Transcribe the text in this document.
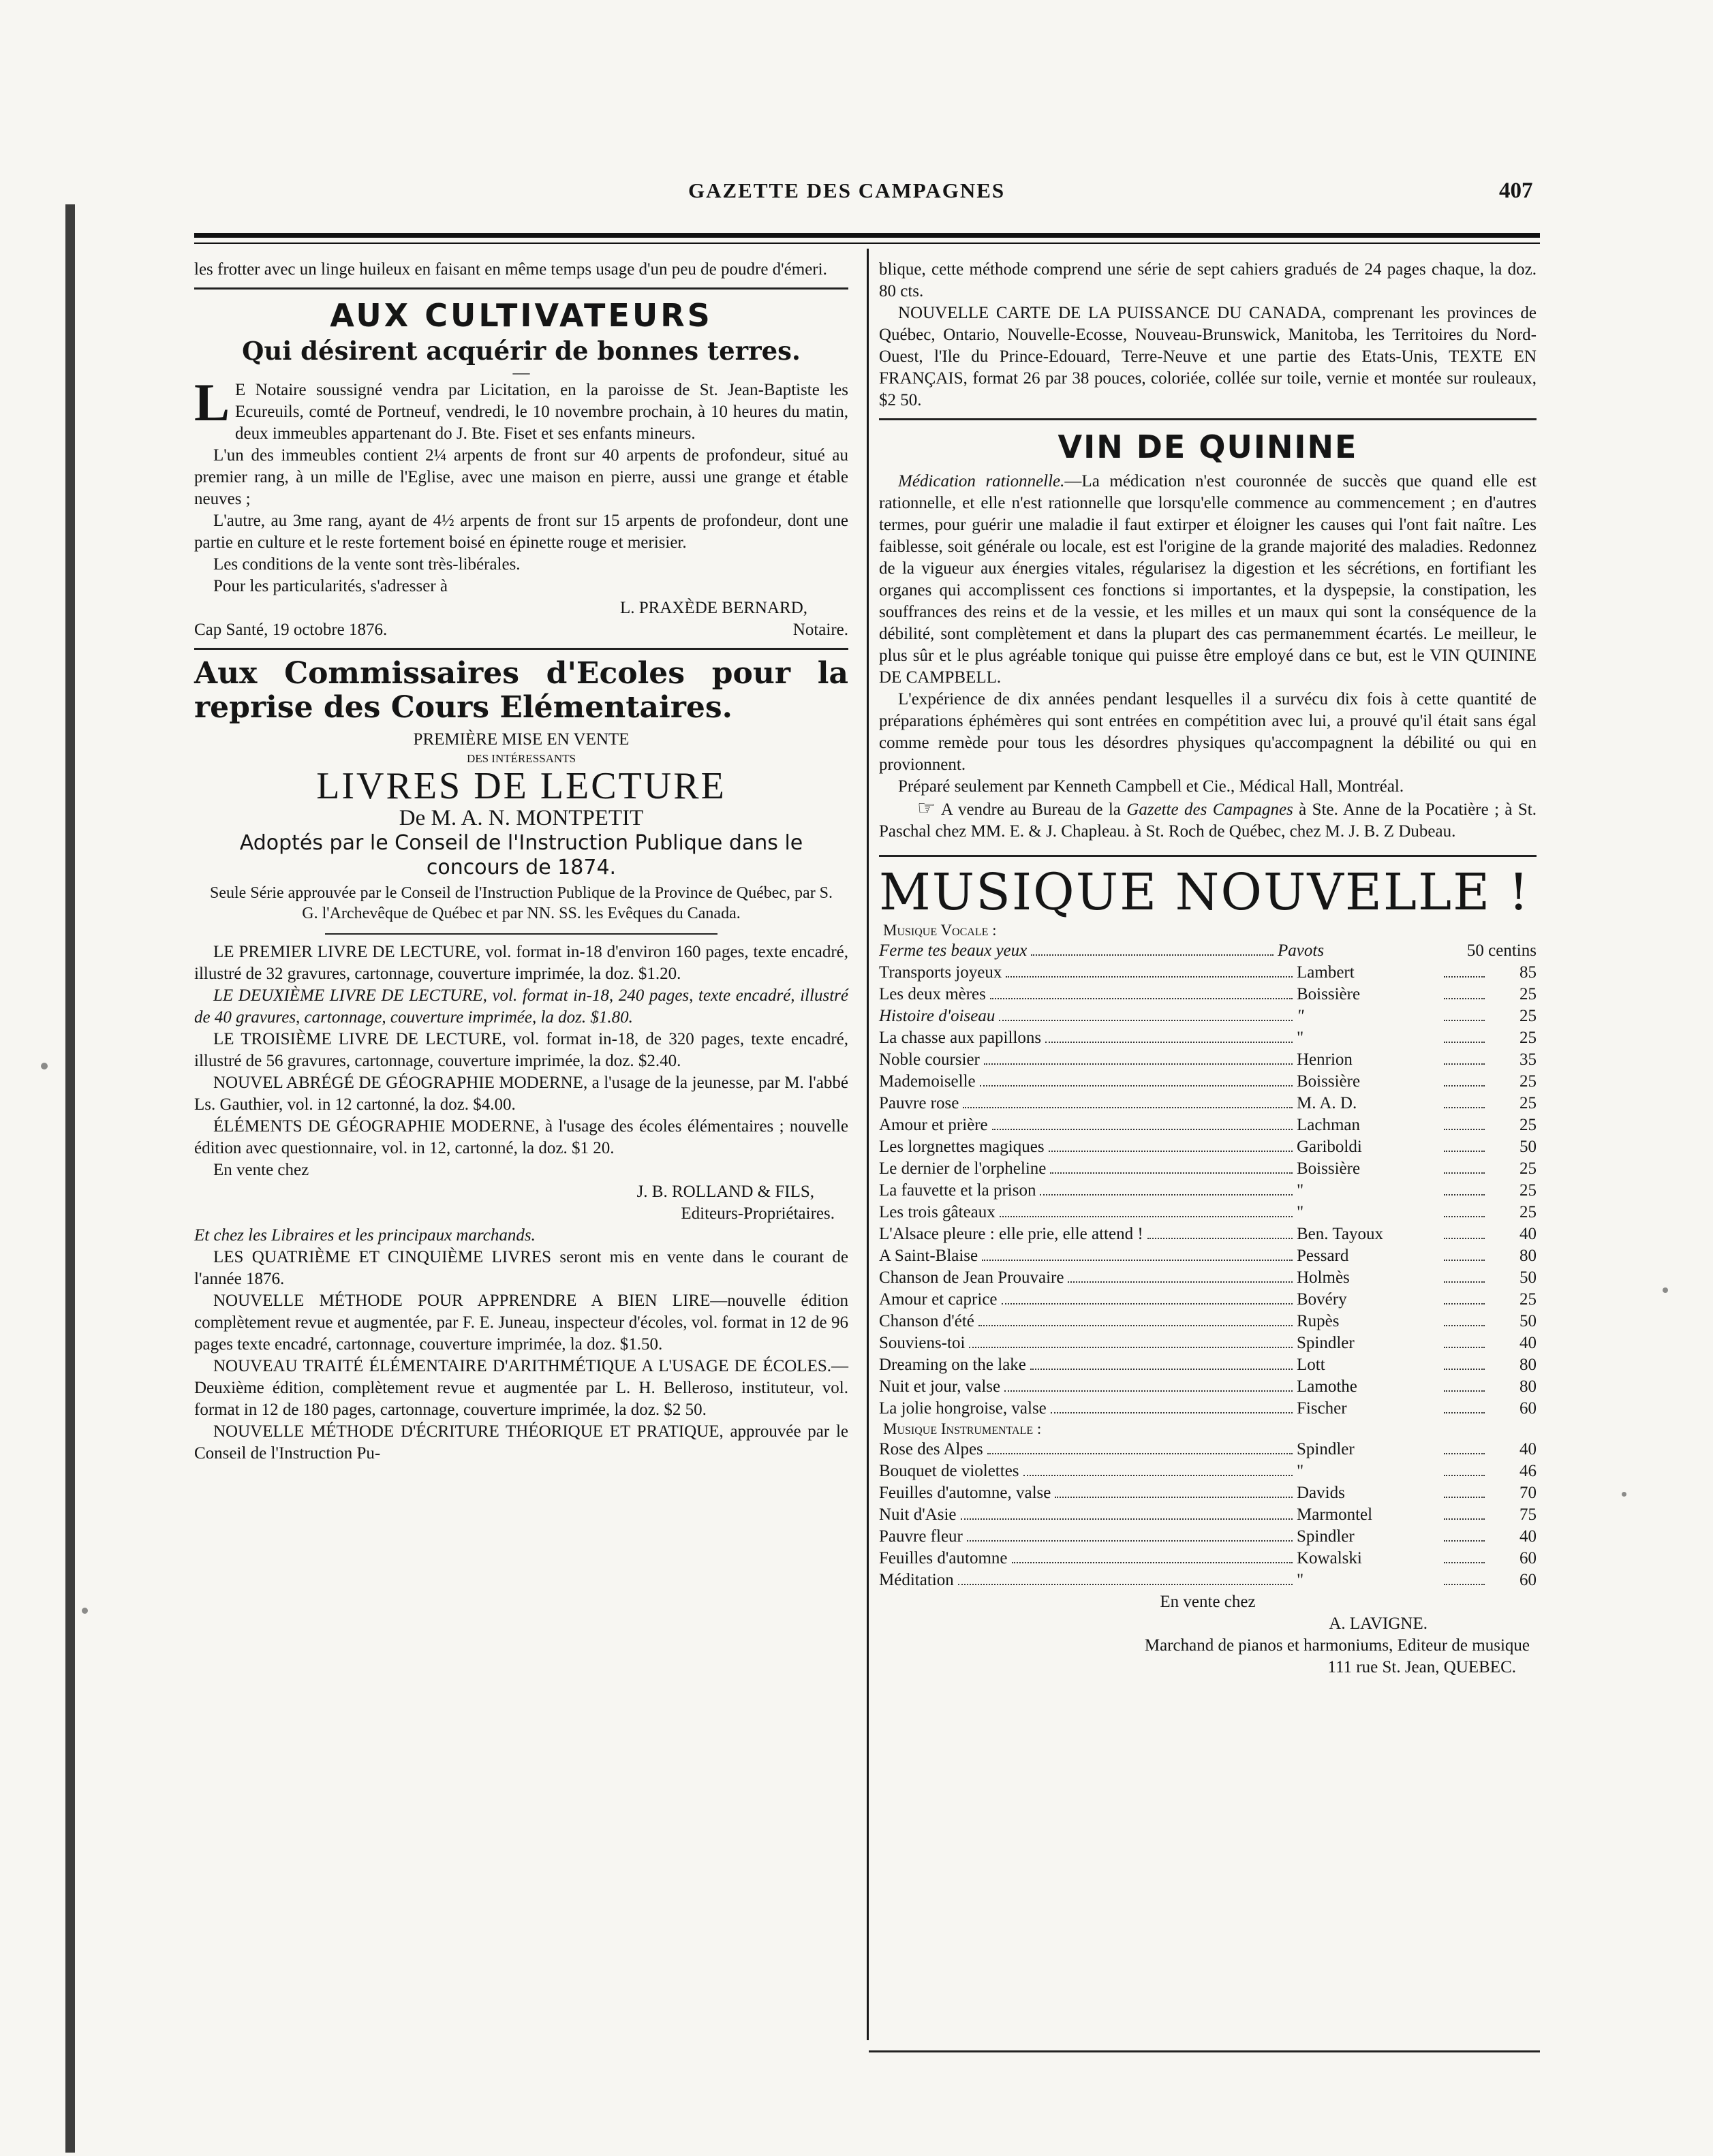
GAZETTE DES CAMPAGNES	407

les frotter avec un linge huileux en faisant en même temps usage d'un peu de poudre d'émeri.

AUX CULTIVATEURS
Qui désirent acquérir de bonnes terres.
—
L E Notaire soussigné vendra par Licitation, en la paroisse de St. Jean-Baptiste les Ecureuils, comté de Portneuf, vendredi, le 10 novembre prochain, à 10 heures du matin, deux immeubles appartenant do J. Bte. Fiset et ses enfants mineurs.

L'un des immeubles contient 2¼ arpents de front sur 40 arpents de profondeur, situé au premier rang, à un mille de l'Eglise, avec une maison en pierre, aussi une grange et étable neuves ;

L'autre, au 3me rang, ayant de 4½ arpents de front sur 15 arpents de profondeur, dont une partie en culture et le reste fortement boisé en épinette rouge et merisier.

Les conditions de la vente sont très-libérales.

Pour les particularités, s'adresser à

L. PRAXÈDE BERNARD,
Cap Santé, 19 octobre 1876.	Notaire.
Aux Commissaires d'Ecoles pour la reprise des Cours Elémentaires.
PREMIÈRE MISE EN VENTE
DES INTÉRESSANTS
LIVRES DE LECTURE
De M. A. N. MONTPETIT
Adoptés par le Conseil de l'Instruction Publique dans le concours de 1874.
Seule Série approuvée par le Conseil de l'Instruction Publique de la Province de Québec, par S. G. l'Archevêque de Québec et par NN. SS. les Evêques du Canada.

LE PREMIER LIVRE DE LECTURE, vol. format in-18 d'environ 160 pages, texte encadré, illustré de 32 gravures, cartonnage, couverture imprimée, la doz. $1.20.

LE DEUXIÈME LIVRE DE LECTURE, vol. format in-18, 240 pages, texte encadré, illustré de 40 gravures, cartonnage, couverture imprimée, la doz. $1.80.

LE TROISIÈME LIVRE DE LECTURE, vol. format in-18, de 320 pages, texte encadré, illustré de 56 gravures, cartonnage, couverture imprimée, la doz. $2.40.

NOUVEL ABRÉGÉ DE GÉOGRAPHIE MODERNE, a l'usage de la jeunesse, par M. l'abbé Ls. Gauthier, vol. in 12 cartonné, la doz. $4.00.

ÉLÉMENTS DE GÉOGRAPHIE MODERNE, à l'usage des écoles élémentaires ; nouvelle édition avec questionnaire, vol. in 12, cartonné, la doz. $1 20.

En vente chez

J. B. ROLLAND & FILS,
Editeurs-Propriétaires.

Et chez les Libraires et les principaux marchands.

LES QUATRIÈME ET CINQUIÈME LIVRES seront mis en vente dans le courant de l'année 1876.

NOUVELLE MÉTHODE POUR APPRENDRE A BIEN LIRE—nouvelle édition complètement revue et augmentée, par F. E. Juneau, inspecteur d'écoles, vol. format in 12 de 96 pages texte encadré, cartonnage, couverture imprimée, la doz. $1.50.

NOUVEAU TRAITÉ ÉLÉMENTAIRE D'ARITHMÉTIQUE A L'USAGE DE ÉCOLES.—Deuxième édition, complètement revue et augmentée par L. H. Belleroso, instituteur, vol. format in 12 de 180 pages, cartonnage, couverture imprimée, la doz. $2 50.

NOUVELLE MÉTHODE D'ÉCRITURE THÉORIQUE ET PRATIQUE, approuvée par le Conseil de l'Instruction Pu-

blique, cette méthode comprend une série de sept cahiers gradués de 24 pages chaque, la doz. 80 cts.

NOUVELLE CARTE DE LA PUISSANCE DU CANADA, comprenant les provinces de Québec, Ontario, Nouvelle-Ecosse, Nouveau-Brunswick, Manitoba, les Territoires du Nord-Ouest, l'Ile du Prince-Edouard, Terre-Neuve et une partie des Etats-Unis, TEXTE EN FRANÇAIS, format 26 par 38 pouces, coloriée, collée sur toile, vernie et montée sur rouleaux, $2 50.

VIN DE QUININE

Médication rationnelle.—La médication n'est couronnée de succès que quand elle est rationnelle, et elle n'est rationnelle que lorsqu'elle commence au commencement ; en d'autres termes, pour guérir une maladie il faut extirper et éloigner les causes qui l'ont fait naître. Les faiblesse, soit générale ou locale, est est l'origine de la grande majorité des maladies. Redonnez de la vigueur aux énergies vitales, régularisez la digestion et les sécrétions, en fortifiant les organes qui accomplissent ces fonctions si importantes, et la dyspepsie, la constipation, les souffrances des reins et de la vessie, et les milles et un maux qui sont la conséquence de la débilité, sont complètement et dans la plupart des cas permanemment écartés. Le meilleur, le plus sûr et le plus agréable tonique qui puisse être employé dans ce but, est le VIN QUININE DE CAMPBELL.

L'expérience de dix années pendant lesquelles il a survécu dix fois à cette quantité de préparations éphémères qui sont entrées en compétition avec lui, a prouvé qu'il était sans égal comme remède pour tous les désordres physiques qu'accompagnent la débilité ou qui en provionnent.

Préparé seulement par Kenneth Campbell et Cie., Médical Hall, Montréal.

☞ A vendre au Bureau de la Gazette des Campagnes à Ste. Anne de la Pocatière ; à St. Paschal chez MM. E. & J. Chapleau. à St. Roch de Québec, chez M. J. B. Z Dubeau.

MUSIQUE NOUVELLE !
Musique Vocale :
Ferme tes beaux yeux	Pavots	50 centins
Transports joyeux	Lambert	85
Les deux mères	Boissière	25
Histoire d'oiseau	"	25
La chasse aux papillons	"	25
Noble coursier	Henrion	35
Mademoiselle	Boissière	25
Pauvre rose	M. A. D.	25
Amour et prière	Lachman	25
Les lorgnettes magiques	Gariboldi	50
Le dernier de l'orpheline	Boissière	25
La fauvette et la prison	"	25
Les trois gâteaux	"	25
L'Alsace pleure : elle prie, elle attend !	Ben. Tayoux	40
A Saint-Blaise	Pessard	80
Chanson de Jean Prouvaire	Holmès	50
Amour et caprice	Bovéry	25
Chanson d'été	Rupès	50
Souviens-toi	Spindler	40
Dreaming on the lake	Lott	80
Nuit et jour, valse	Lamothe	80
La jolie hongroise, valse	Fischer	60
Musique Instrumentale :
Rose des Alpes	Spindler	40
Bouquet de violettes	"	46
Feuilles d'automne, valse	Davids	70
Nuit d'Asie	Marmontel	75
Pauvre fleur	Spindler	40
Feuilles d'automne	Kowalski	60
Méditation	"	60
En vente chez
A. LAVIGNE.
Marchand de pianos et harmoniums, Editeur de musique
111 rue St. Jean, QUEBEC.
